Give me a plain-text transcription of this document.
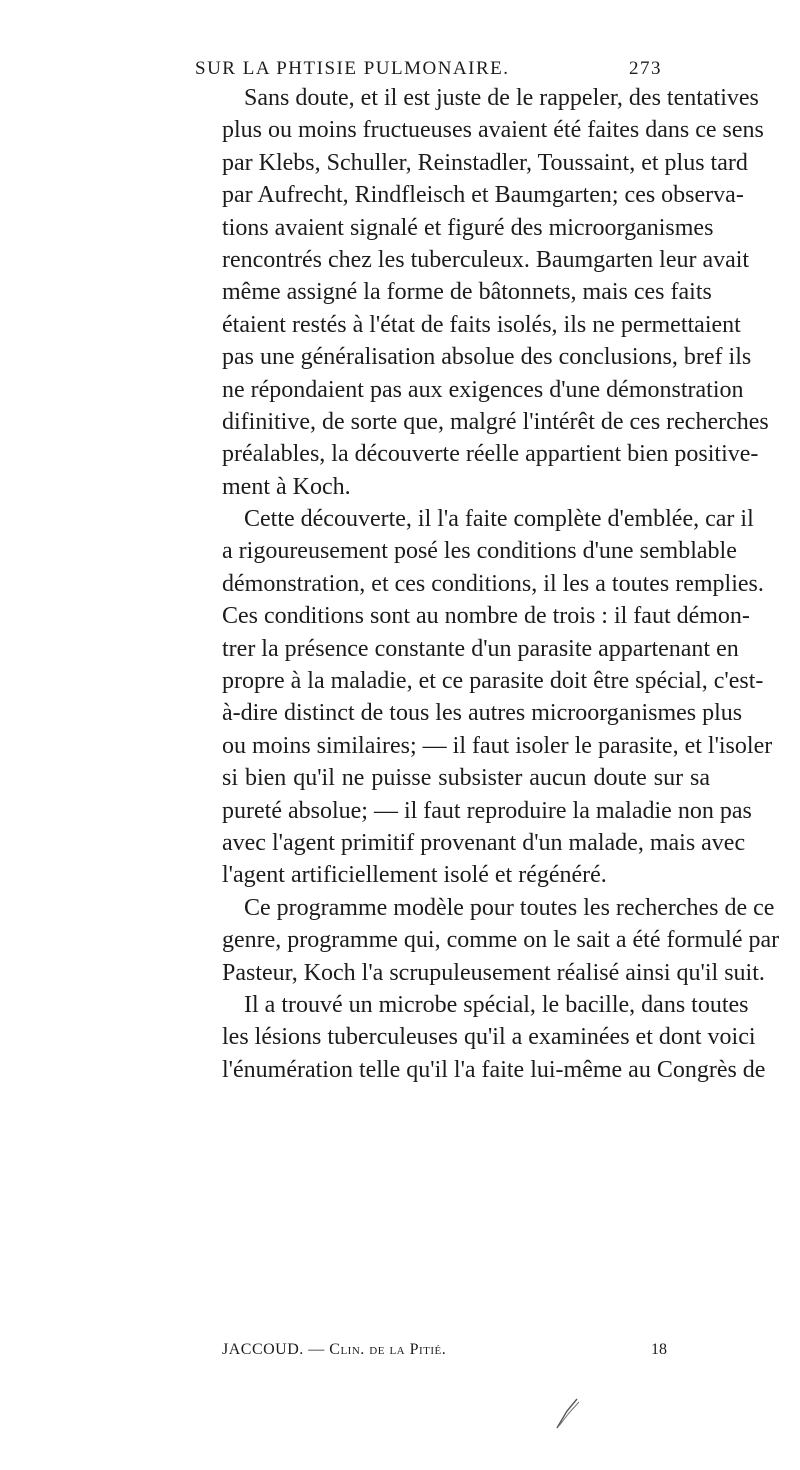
SUR LA PHTISIE PULMONAIRE.	273
Sans doute, et il est juste de le rappeler, des tentatives
plus ou moins fructueuses avaient été faites dans ce sens
par Klebs, Schuller, Reinstadler, Toussaint, et plus tard
par Aufrecht, Rindfleisch et Baumgarten; ces observa-
tions avaient signalé et figuré des microorganismes
rencontrés chez les tuberculeux. Baumgarten leur avait
même assigné la forme de bâtonnets, mais ces faits
étaient restés à l'état de faits isolés, ils ne permettaient
pas une généralisation absolue des conclusions, bref ils
ne répondaient pas aux exigences d'une démonstration
difinitive, de sorte que, malgré l'intérêt de ces recherches
préalables, la découverte réelle appartient bien positive-
ment à Koch.
Cette découverte, il l'a faite complète d'emblée, car il
a rigoureusement posé les conditions d'une semblable
démonstration, et ces conditions, il les a toutes remplies.
Ces conditions sont au nombre de trois : il faut démon-
trer la présence constante d'un parasite appartenant en
propre à la maladie, et ce parasite doit être spécial, c'est-
à-dire distinct de tous les autres microorganismes plus
ou moins similaires; — il faut isoler le parasite, et l'isoler
si bien qu'il ne puisse subsister aucun doute sur sa
pureté absolue; — il faut reproduire la maladie non pas
avec l'agent primitif provenant d'un malade, mais avec
l'agent artificiellement isolé et régénéré.
Ce programme modèle pour toutes les recherches de ce
genre, programme qui, comme on le sait a été formulé par
Pasteur, Koch l'a scrupuleusement réalisé ainsi qu'il suit.
Il a trouvé un microbe spécial, le bacille, dans toutes
les lésions tuberculeuses qu'il a examinées et dont voici
l'énumération telle qu'il l'a faite lui-même au Congrès de
JACCOUD. — Clin. de la Pitié.	18
